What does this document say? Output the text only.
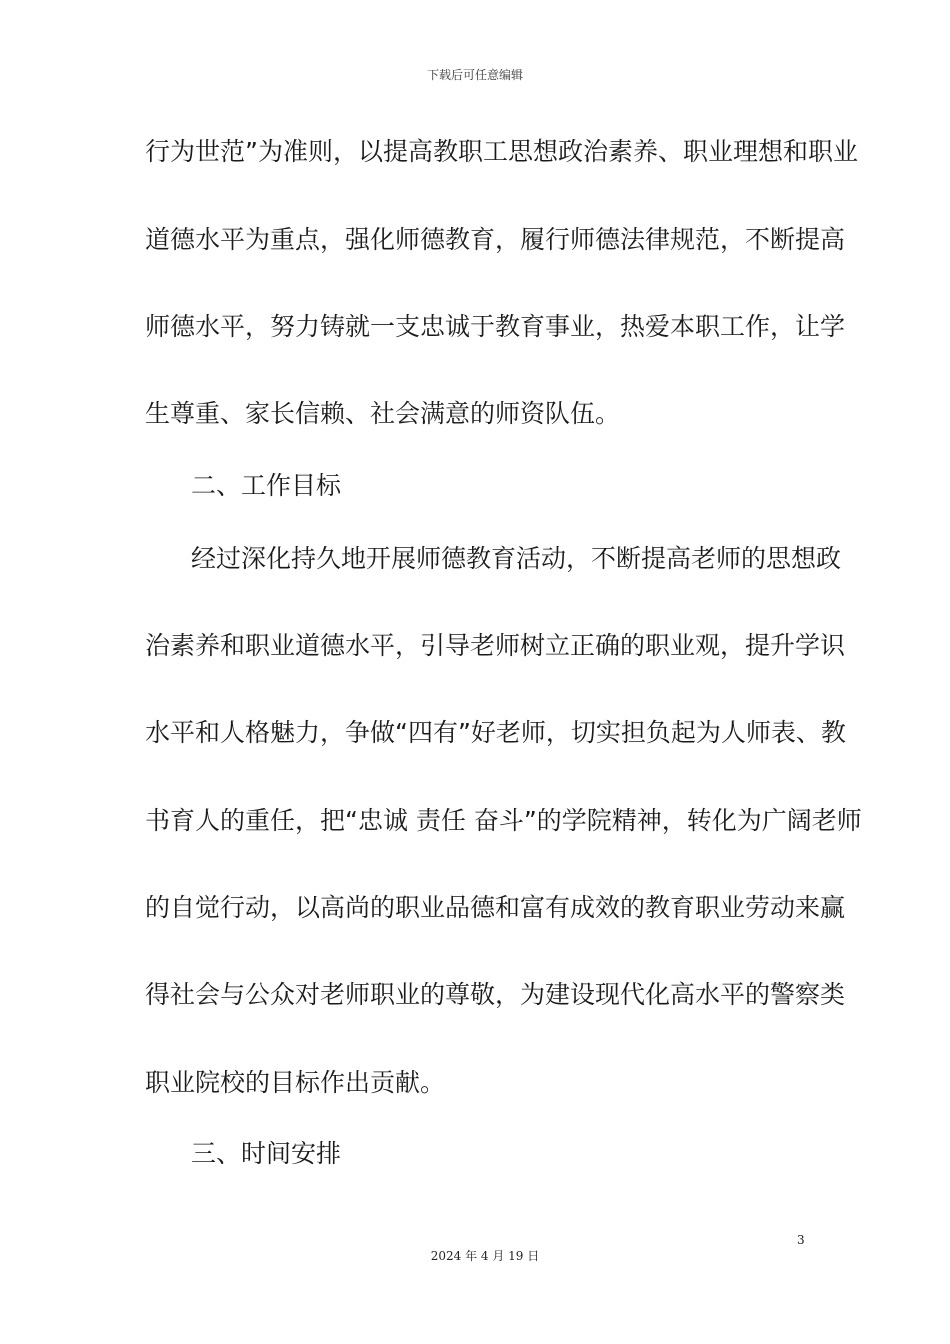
下载后可任意编辑
行为世范”为准则，以提高教职工思想政治素养、职业理想和职业
道德水平为重点，强化师德教育，履行师德法律规范，不断提高
师德水平，努力铸就一支忠诚于教育事业，热爱本职工作，让学
生尊重、家长信赖、社会满意的师资队伍。
二、工作目标
经过深化持久地开展师德教育活动，不断提高老师的思想政
治素养和职业道德水平，引导老师树立正确的职业观，提升学识
水平和人格魅力，争做“四有”好老师，切实担负起为人师表、教
书育人的重任，把“忠诚 责任 奋斗”的学院精神，转化为广阔老师
的自觉行动，以高尚的职业品德和富有成效的教育职业劳动来赢
得社会与公众对老师职业的尊敬，为建设现代化高水平的警察类
职业院校的目标作出贡献。
三、时间安排
3
2024 年 4 月 19 日
